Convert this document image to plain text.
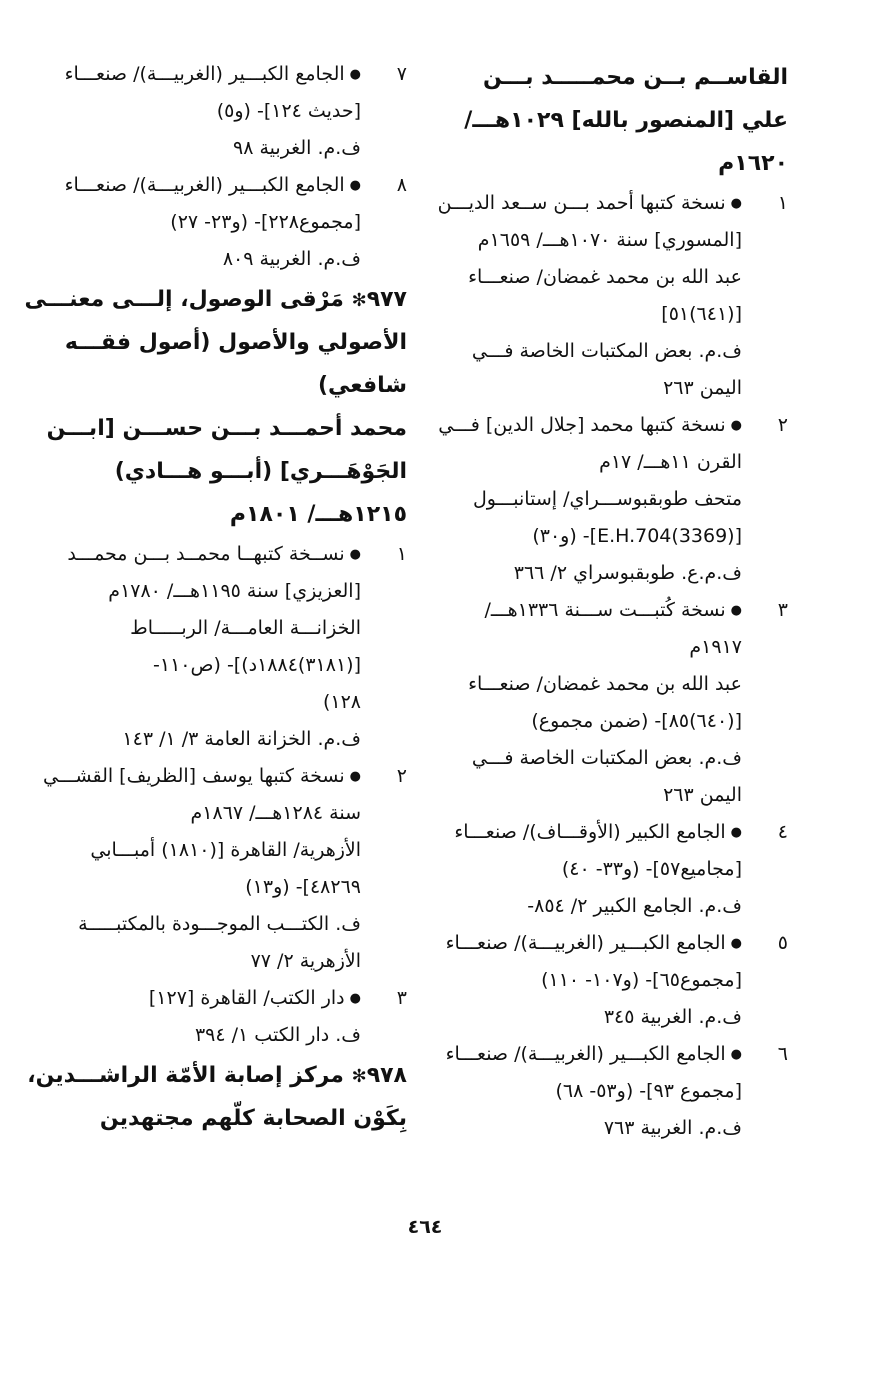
القاســم بــن محمـــــد بـــن
علي [المنصور بالله] ١٠٢٩هـــ/
١٦٢٠م
١●نسخة كتبها أحمد بـــن ســعد الديـــن
[المسوري] سنة ١٠٧٠هـــ/ ١٦٥٩م
عبد الله بن محمد غمضان/ صنعـــاء
[(٦٤١)٥١]
ف.م. بعض المكتبات الخاصة فـــي
اليمن ٢٦٣
٢●نسخة كتبها محمد [جلال الدين] فـــي
القرن ١١هـــ/ ١٧م
متحف طوبقبوســـراي/ إستانبـــول
[(3369)E.H.704]- (و٣٠)
ف.م.ع. طوبقبوسراي ٢/ ٣٦٦
٣●نسخة كُتبـــت ســـنة ١٣٣٦هـــ/
١٩١٧م
عبد الله بن محمد غمضان/ صنعـــاء
[(٦٤٠)٨٥]- (ضمن مجموع)
ف.م. بعض المكتبات الخاصة فـــي
اليمن ٢٦٣
٤●الجامع الكبير (الأوقـــاف)/ صنعـــاء
[مجاميع٥٧]- (و٣٣- ٤٠)
ف.م. الجامع الكبير ٢/ ٨٥٤-
٥●الجامع الكبـــير (الغربيـــة)/ صنعـــاء
[مجموع٦٥]- (و١٠٧- ١١٠)
ف.م. الغربية ٣٤٥
٦●الجامع الكبـــير (الغربيـــة)/ صنعـــاء
[مجموع ٩٣]- (و٥٣- ٦٨)
ف.م. الغربية ٧٦٣
٧●الجامع الكبـــير (الغربيـــة)/ صنعـــاء
[حديث ١٢٤]- (و٥)
ف.م. الغربية ٩٨
٨●الجامع الكبـــير (الغربيـــة)/ صنعـــاء
[مجموع٢٢٨]- (و٢٣- ٢٧)
ف.م. الغربية ٨٠٩
٩٧٧✻ مَرْقى الوصول، إلـــى معنـــى
الأصولي والأصول (أصول فقـــه
شافعي)
محمد أحمـــد بـــن حســـن [ابـــن
الجَوْهَـــري] (أبـــو هـــادي)
١٢١٥هـــ/ ١٨٠١م
١●نســخة كتبهــا محمــد بـــن محمـــد
[العزيزي] سنة ١١٩٥هـــ/ ١٧٨٠م
الخزانـــة العامـــة/ الربـــــاط
[(٣١٨١)١٨٨٤د)]- (ص١١٠-
١٢٨)
ف.م. الخزانة العامة ٣/ ١/ ١٤٣
٢●نسخة كتبها يوسف [الظريف] القشـــي
سنة ١٢٨٤هـــ/ ١٨٦٧م
الأزهرية/ القاهرة [(١٨١٠) أمبـــابي
٤٨٢٦٩]- (و١٣)
ف. الكتـــب الموجـــودة بالمكتبـــــة
الأزهرية ٢/ ٧٧
٣●دار الكتب/ القاهرة [١٢٧]
ف. دار الكتب ١/ ٣٩٤
٩٧٨✻ مركز إصابة الأمّة الراشـــدين،
بِكَوْن الصحابة كلّهم مجتهدين
٤٦٤
